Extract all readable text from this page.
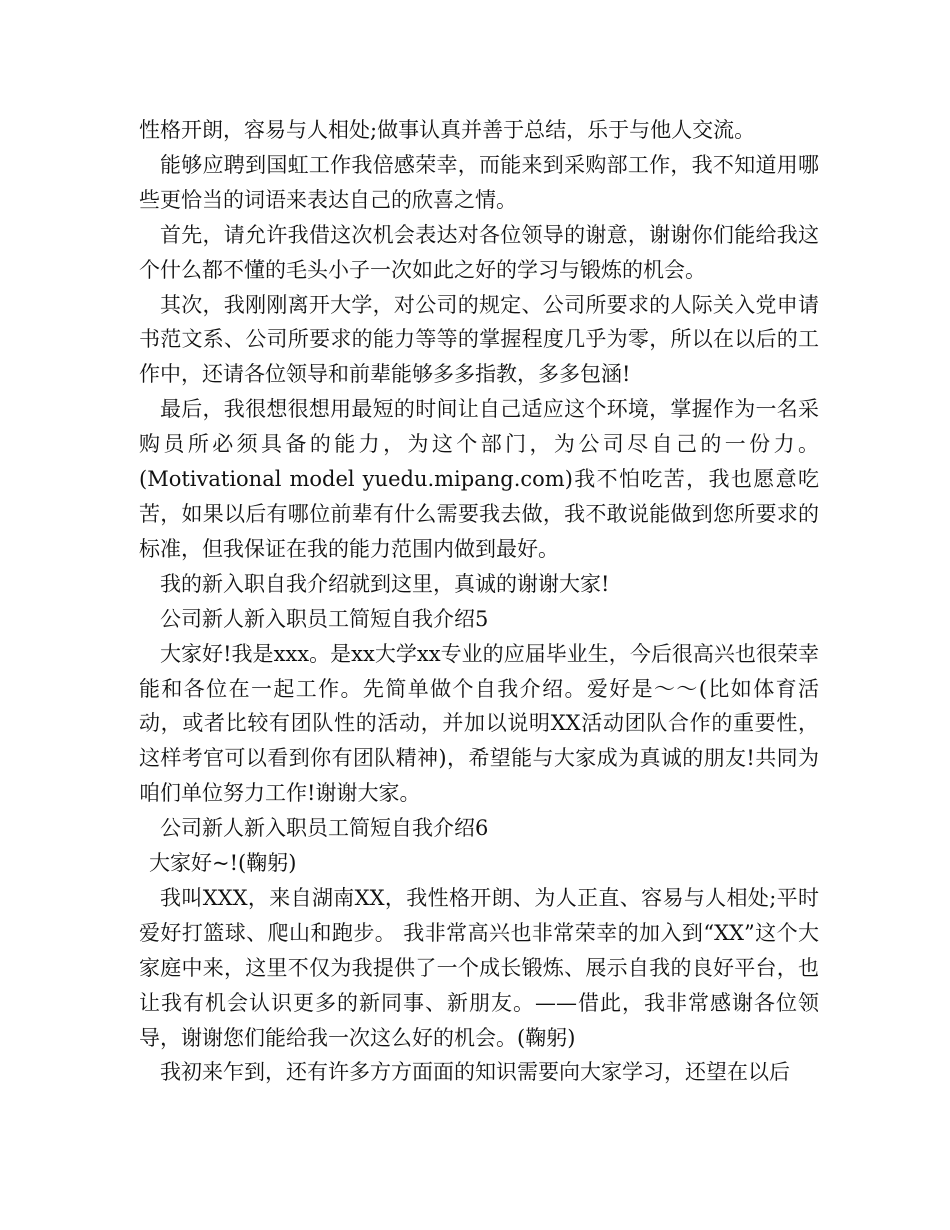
性格开朗，容易与人相处;做事认真并善于总结，乐于与他人交流。

能够应聘到国虹工作我倍感荣幸，而能来到采购部工作，我不知道用哪些更恰当的词语来表达自己的欣喜之情。

首先，请允许我借这次机会表达对各位领导的谢意，谢谢你们能给我这个什么都不懂的毛头小子一次如此之好的学习与锻炼的机会。

其次，我刚刚离开大学，对公司的规定、公司所要求的人际关入党申请书范文系、公司所要求的能力等等的掌握程度几乎为零，所以在以后的工作中，还请各位领导和前辈能够多多指教，多多包涵!

最后，我很想很想用最短的时间让自己适应这个环境，掌握作为一名采购员所必须具备的能力，为这个部门，为公司尽自己的一份力。(Motivational model yuedu.mipang.com)我不怕吃苦，我也愿意吃苦，如果以后有哪位前辈有什么需要我去做，我不敢说能做到您所要求的标准，但我保证在我的能力范围内做到最好。

我的新入职自我介绍就到这里，真诚的谢谢大家!

公司新人新入职员工简短自我介绍5

大家好!我是xxx。是xx大学xx专业的应届毕业生，今后很高兴也很荣幸能和各位在一起工作。先简单做个自我介绍。爱好是～～(比如体育活动，或者比较有团队性的活动，并加以说明XX活动团队合作的重要性，这样考官可以看到你有团队精神)，希望能与大家成为真诚的朋友!共同为咱们单位努力工作!谢谢大家。

公司新人新入职员工简短自我介绍6

大家好~!(鞠躬)

我叫XXX，来自湖南XX，我性格开朗、为人正直、容易与人相处;平时爱好打篮球、爬山和跑步。 我非常高兴也非常荣幸的加入到“XX”这个大家庭中来，这里不仅为我提供了一个成长锻炼、展示自我的良好平台，也让我有机会认识更多的新同事、新朋友。——借此，我非常感谢各位领导，谢谢您们能给我一次这么好的机会。(鞠躬)

我初来乍到，还有许多方方面面的知识需要向大家学习，还望在以后
